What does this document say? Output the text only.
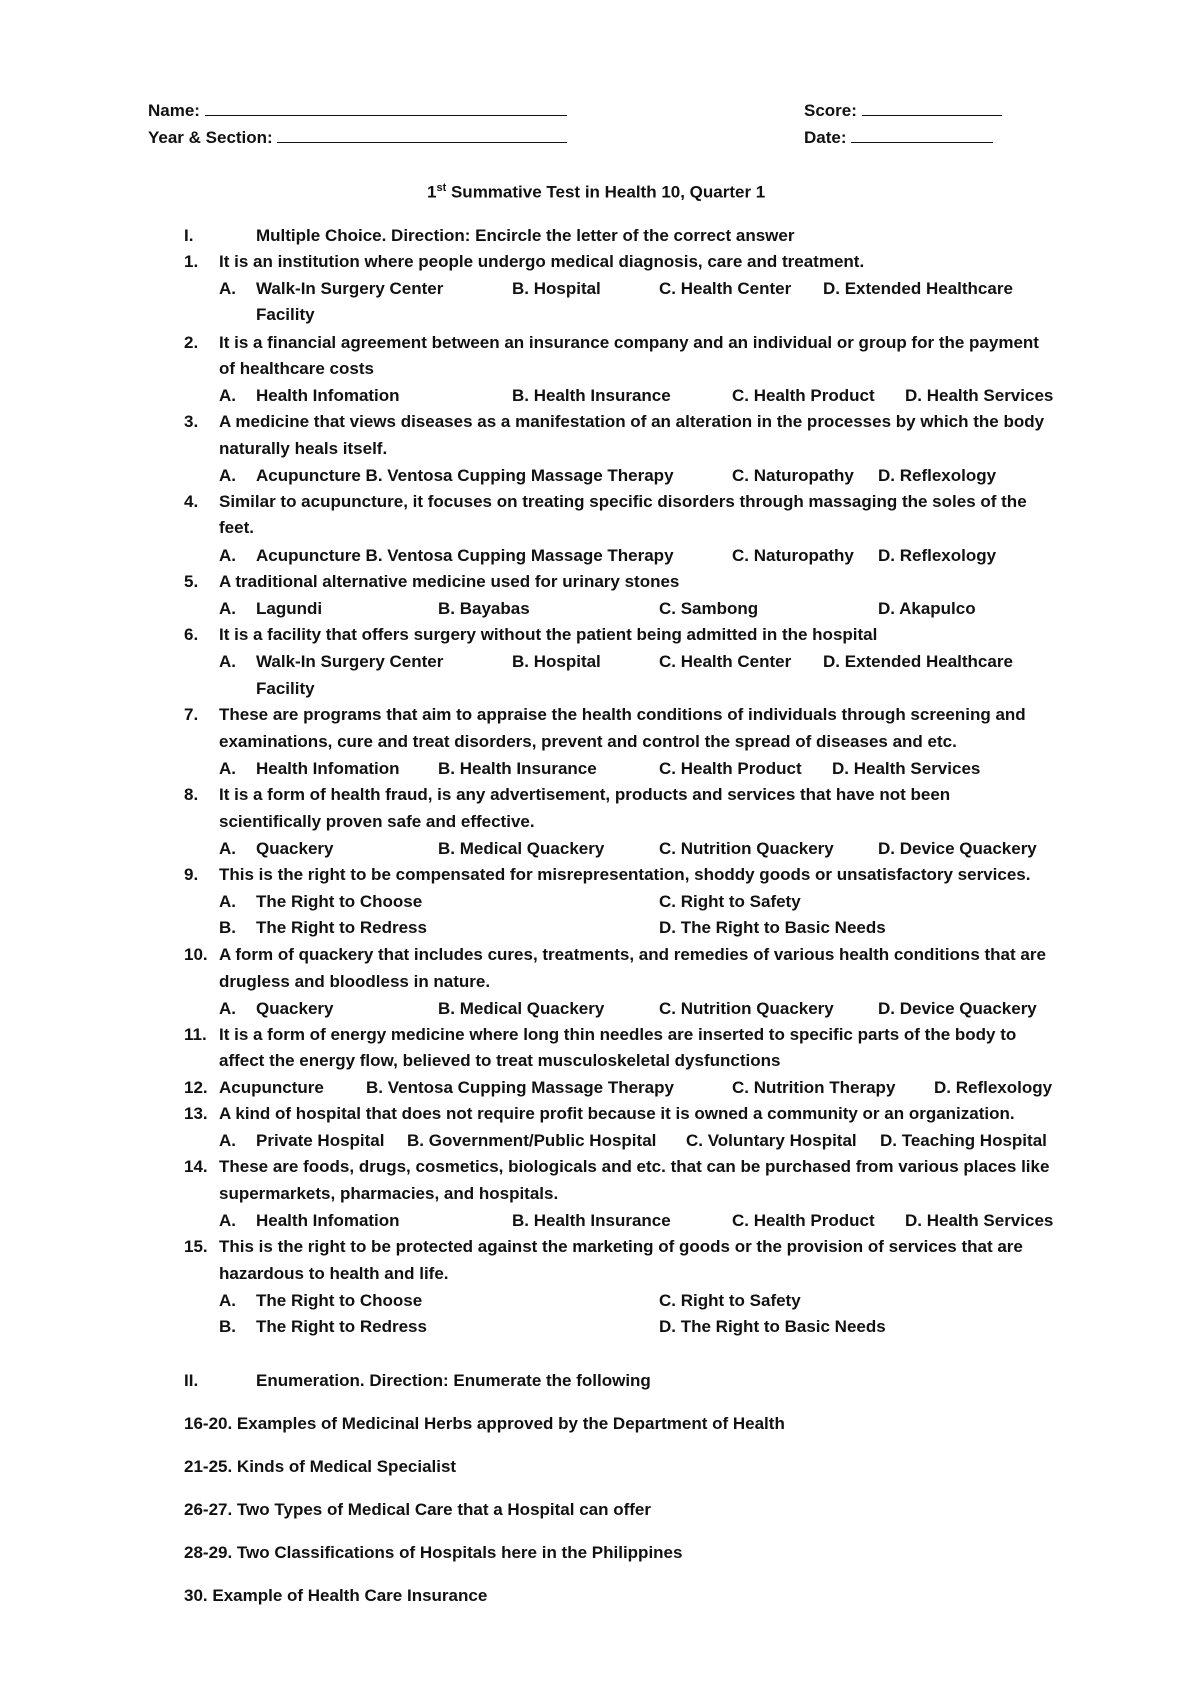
Name:	Score:
Year & Section:	Date:
1st Summative Test in Health 10, Quarter 1
I.	Multiple Choice. Direction: Encircle the letter of the correct answer
1. It is an institution where people undergo medical diagnosis, care and treatment.
A. Walk-In Surgery Center	B. Hospital	C. Health Center D. Extended Healthcare
Facility
2. It is a financial agreement between an insurance company and an individual or group for the payment
of healthcare costs
A. Health Infomation	B. Health Insurance	C. Health Product D. Health Services
3. A medicine that views diseases as a manifestation of an alteration in the processes by which the body
naturally heals itself.
A. Acupuncture B. Ventosa Cupping Massage Therapy	C. Naturopathy D. Reflexology
4. Similar to acupuncture, it focuses on treating specific disorders through massaging the soles of the
feet.
A. Acupuncture B. Ventosa Cupping Massage Therapy	C. Naturopathy D. Reflexology
5. A traditional alternative medicine used for urinary stones
A. Lagundi	B. Bayabas	C. Sambong	D. Akapulco
6. It is a facility that offers surgery without the patient being admitted in the hospital
A. Walk-In Surgery Center	B. Hospital	C. Health Center D. Extended Healthcare
Facility
7. These are programs that aim to appraise the health conditions of individuals through screening and
examinations, cure and treat disorders, prevent and control the spread of diseases and etc.
A. Health Infomation B. Health Insurance	C. Health Product D. Health Services
8. It is a form of health fraud, is any advertisement, products and services that have not been
scientifically proven safe and effective.
A. Quackery	B. Medical Quackery	C. Nutrition Quackery	D. Device Quackery
9. This is the right to be compensated for misrepresentation, shoddy goods or unsatisfactory services.
A. The Right to Choose	C. Right to Safety
B. The Right to Redress	D. The Right to Basic Needs
10. A form of quackery that includes cures, treatments, and remedies of various health conditions that are
drugless and bloodless in nature.
A. Quackery	B. Medical Quackery	C. Nutrition Quackery	D. Device Quackery
11. It is a form of energy medicine where long thin needles are inserted to specific parts of the body to
affect the energy flow, believed to treat musculoskeletal dysfunctions
12. Acupuncture B. Ventosa Cupping Massage Therapy	C. Nutrition Therapy D. Reflexology
13. A kind of hospital that does not require profit because it is owned a community or an organization.
A. Private Hospital B. Government/Public Hospital C. Voluntary Hospital D. Teaching Hospital
14. These are foods, drugs, cosmetics, biologicals and etc. that can be purchased from various places like
supermarkets, pharmacies, and hospitals.
A. Health Infomation	B. Health Insurance	C. Health Product D. Health Services
15. This is the right to be protected against the marketing of goods or the provision of services that are
hazardous to health and life.
A. The Right to Choose	C. Right to Safety
B. The Right to Redress	D. The Right to Basic Needs
II.	Enumeration. Direction: Enumerate the following
16-20. Examples of Medicinal Herbs approved by the Department of Health
21-25. Kinds of Medical Specialist
26-27. Two Types of Medical Care that a Hospital can offer
28-29. Two Classifications of Hospitals here in the Philippines
30. Example of Health Care Insurance
